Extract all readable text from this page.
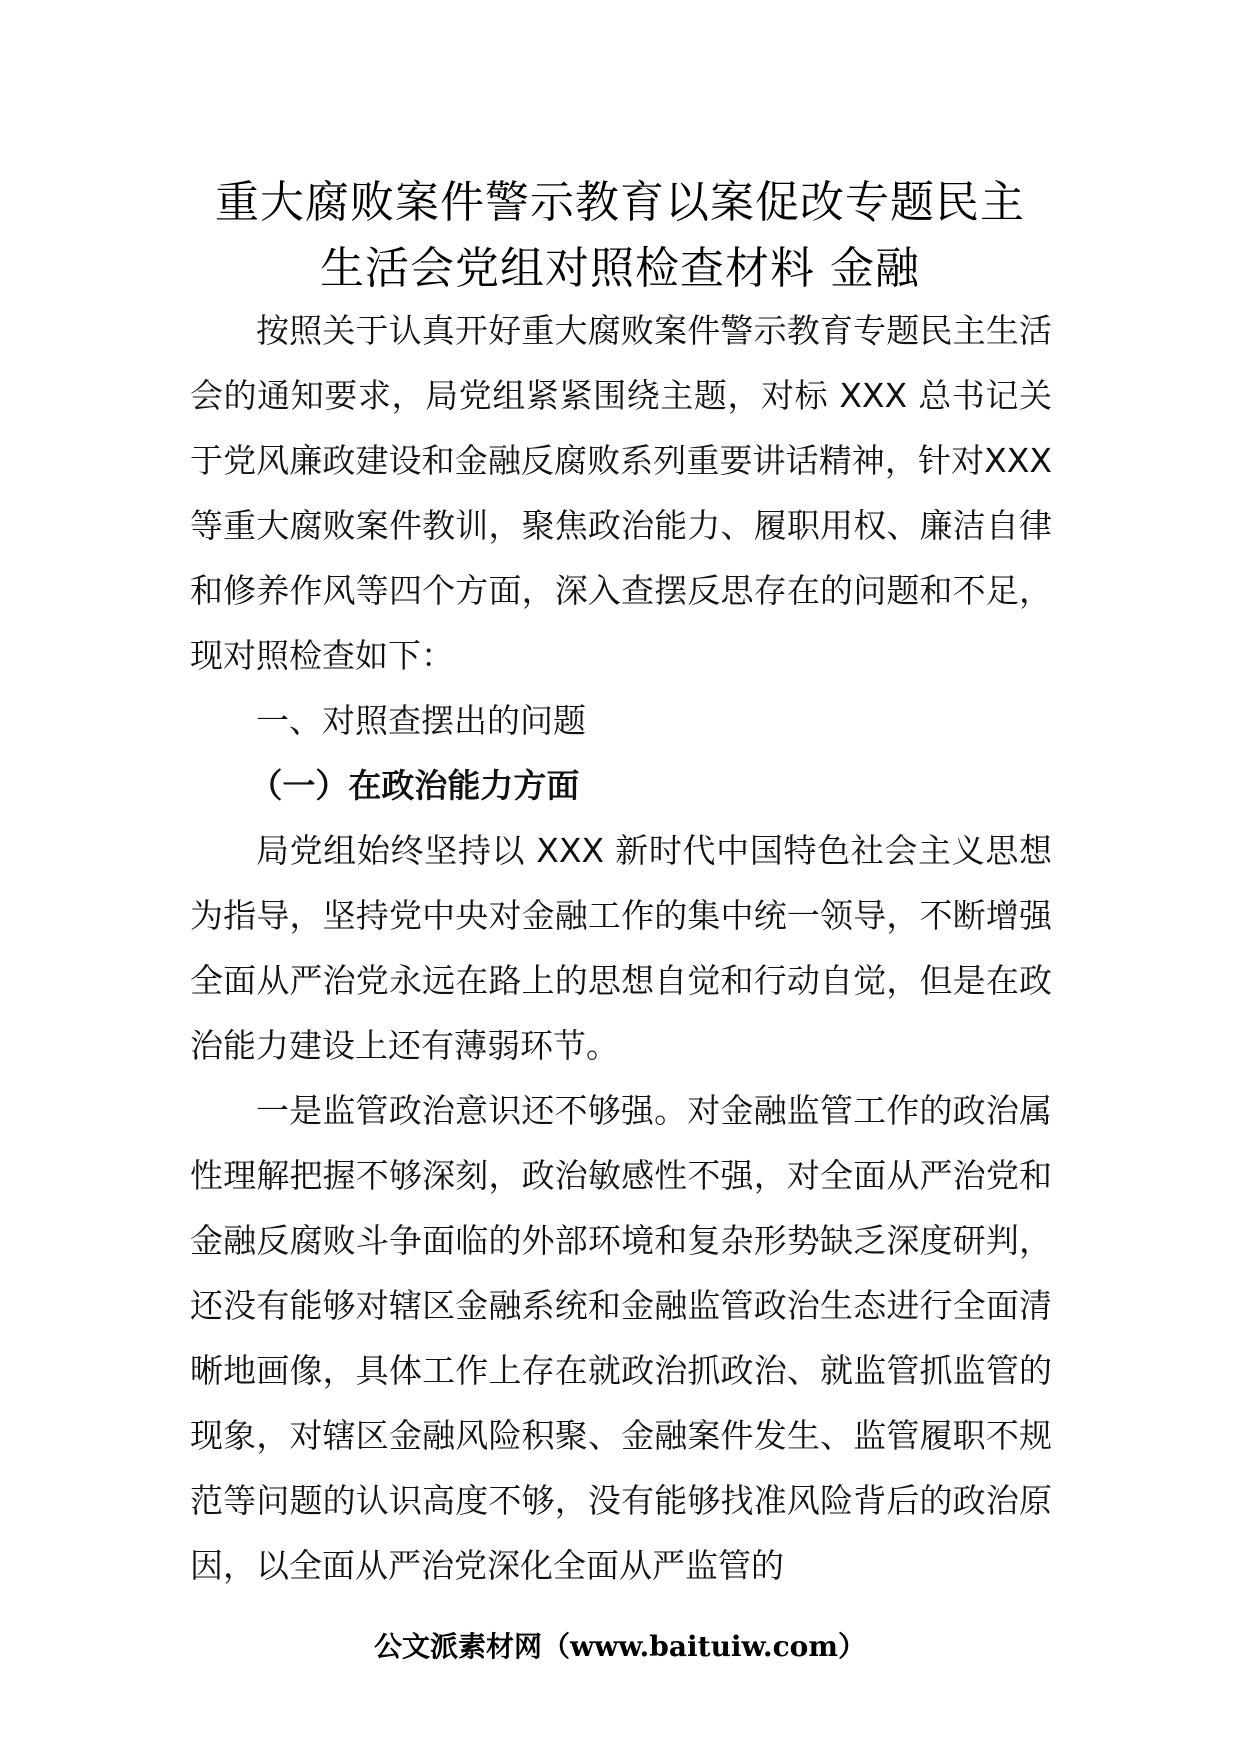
重大腐败案件警示教育以案促改专题民主
生活会党组对照检查材料 金融

按照关于认真开好重大腐败案件警示教育专题民主生活会的通知要求，局党组紧紧围绕主题，对标 XXX 总书记关于党风廉政建设和金融反腐败系列重要讲话精神，针对XXX 等重大腐败案件教训，聚焦政治能力、履职用权、廉洁自律和修养作风等四个方面，深入查摆反思存在的问题和不足，现对照检查如下：

一、对照查摆出的问题

（一）在政治能力方面

局党组始终坚持以 XXX 新时代中国特色社会主义思想为指导，坚持党中央对金融工作的集中统一领导，不断增强全面从严治党永远在路上的思想自觉和行动自觉，但是在政治能力建设上还有薄弱环节。

一是监管政治意识还不够强。对金融监管工作的政治属性理解把握不够深刻，政治敏感性不强，对全面从严治党和金融反腐败斗争面临的外部环境和复杂形势缺乏深度研判，还没有能够对辖区金融系统和金融监管政治生态进行全面清晰地画像，具体工作上存在就政治抓政治、就监管抓监管的现象，对辖区金融风险积聚、金融案件发生、监管履职不规范等问题的认识高度不够，没有能够找准风险背后的政治原因，以全面从严治党深化全面从严监管的

公文派素材网（www.baituiw.com）
